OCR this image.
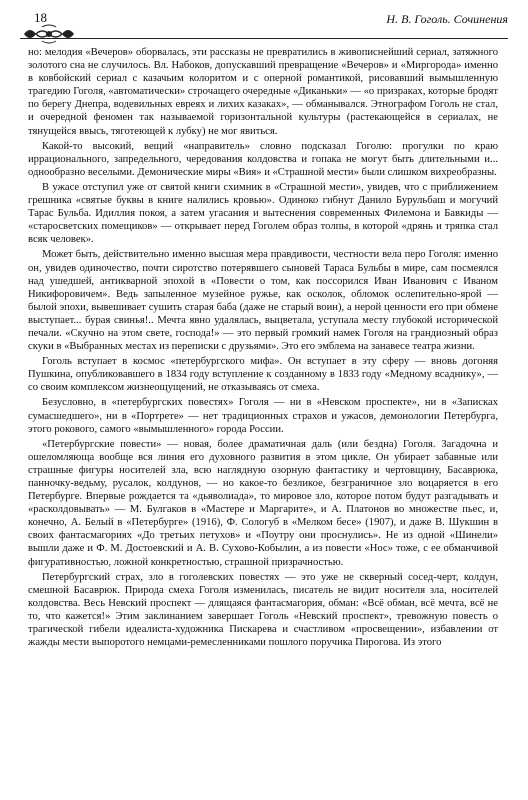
18	Н. В. Гоголь. Сочинения

но: мелодия «Вечеров» оборвалась, эти рассказы не превратились в живописнейший сериал, затяжного золотого сна не случилось. Вл. Набоков, допускавший превращение «Вечеров» и «Миргорода» именно в ковбойский сериал с казачьим колоритом и с оперной романтикой, рисовавший вымышленную трагедию Гоголя, «автоматически» строчащего очередные «Диканьки» — «о призраках, которые бродят по берегу Днепра, водевильных евреях и лихих казаках», — обманывался. Этнографом Гоголь не стал, и очередной феномен так называемой горизонтальной культуры (растекающейся в сериалах, не тянущейся ввысь, тяготеющей к лубку) не мог явиться.

Какой-то высокий, вещий «направитель» словно подсказал Гоголю: прогулки по краю иррационального, запредельного, чередования колдовства и гопака не могут быть длительными и... однообразно веселыми. Демонические миры «Вия» и «Страшной мести» были слишком вихреобразны.

В ужасе отступил уже от святой книги схимник в «Страшной мести», увидев, что с приближением грешника «святые буквы в книге налились кровью». Одиноко гибнут Данило Бурульбаш и могучий Тарас Бульба. Идиллия покоя, а затем угасания и вытеснения современных Филемона и Бавкиды — «старосветских помещиков» — открывает перед Гоголем образ толпы, в которой «дрянь и тряпка стал всяк человек».

Может быть, действительно именно высшая мера правдивости, честности вела перо Гоголя: именно он, увидев одиночество, почти сиротство потерявшего сыновей Тараса Бульбы в мире, сам посмеялся над ушедшей, антикварной эпохой в «Повести о том, как поссорился Иван Иванович с Иваном Никифоровичем». Ведь запыленное музейное ружье, как осколок, обломок ослепительно-ярой — былой эпохи, вывешивает сушить старая баба (даже не старый воин), а нерой ценности его при обмене выступает... бурая свинья!.. Мечта явно удалялась, выцветала, уступала месту глубокой исторической печали. «Скучно на этом свете, господа!» — это первый громкий намек Гоголя на грандиозный образ скуки в «Выбранных местах из переписки с друзьями». Это его эмблема на занавесе театра жизни.

Гоголь вступает в космос «петербургского мифа». Он вступает в эту сферу — вновь догоняя Пушкина, опубликовавшего в 1834 году вступление к созданному в 1833 году «Медному всаднику», — со своим комплексом жизнеощущений, не отказываясь от смеха.

Безусловно, в «петербургских повестях» Гоголя — ни в «Невском проспекте», ни в «Записках сумасшедшего», ни в «Портрете» — нет традиционных страхов и ужасов, демонологии Петербурга, этого рокового, самого «вымышленного» города России.

«Петербургские повести» — новая, более драматичная даль (или бездна) Гоголя. Загадочна и ошеломляюща вообще вся линия его духовного развития в этом цикле. Он убирает забавные или страшные фигуры носителей зла, всю наглядную озорную фантастику и чертовщину, Басаврюка, панночку-ведьму, русалок, колдунов, — но какое-то безликое, безграничное зло воцаряется в его Петербурге. Впервые рождается та «дьяволиада», то мировое зло, которое потом будут разгадывать и «расколдовывать» — М. Булгаков в «Мастере и Маргарите», и А. Платонов во множестве пьес, и, конечно, А. Белый в «Петербурге» (1916), Ф. Сологуб в «Мелком бесе» (1907), и даже В. Шукшин в своих фантасмагориях «До третьих петухов» и «Поутру они проснулись». Не из одной «Шинели» вышли даже и Ф. М. Достоевский и А. В. Сухово-Кобылин, а из повести «Нос» тоже, с ее обманчивой фигуративностью, ложной конкретностью, страшной призрачностью.

Петербургский страх, зло в гоголевских повестях — это уже не скверный сосед-черт, колдун, смешной Басаврюк. Природа смеха Гоголя изменилась, писатель не видит носителя зла, носителей колдовства. Весь Невский проспект — длящаяся фантасмагория, обман: «Всё обман, всё мечта, всё не то, что кажется!» Этим заклинанием завершает Гоголь «Невский проспект», тревожную повесть о трагической гибели идеалиста-художника Пискарева и счастливом «просвещении», избавлении от жажды мести выпоротого немцами-ремесленниками пошлого поручика Пирогова. Из этого
